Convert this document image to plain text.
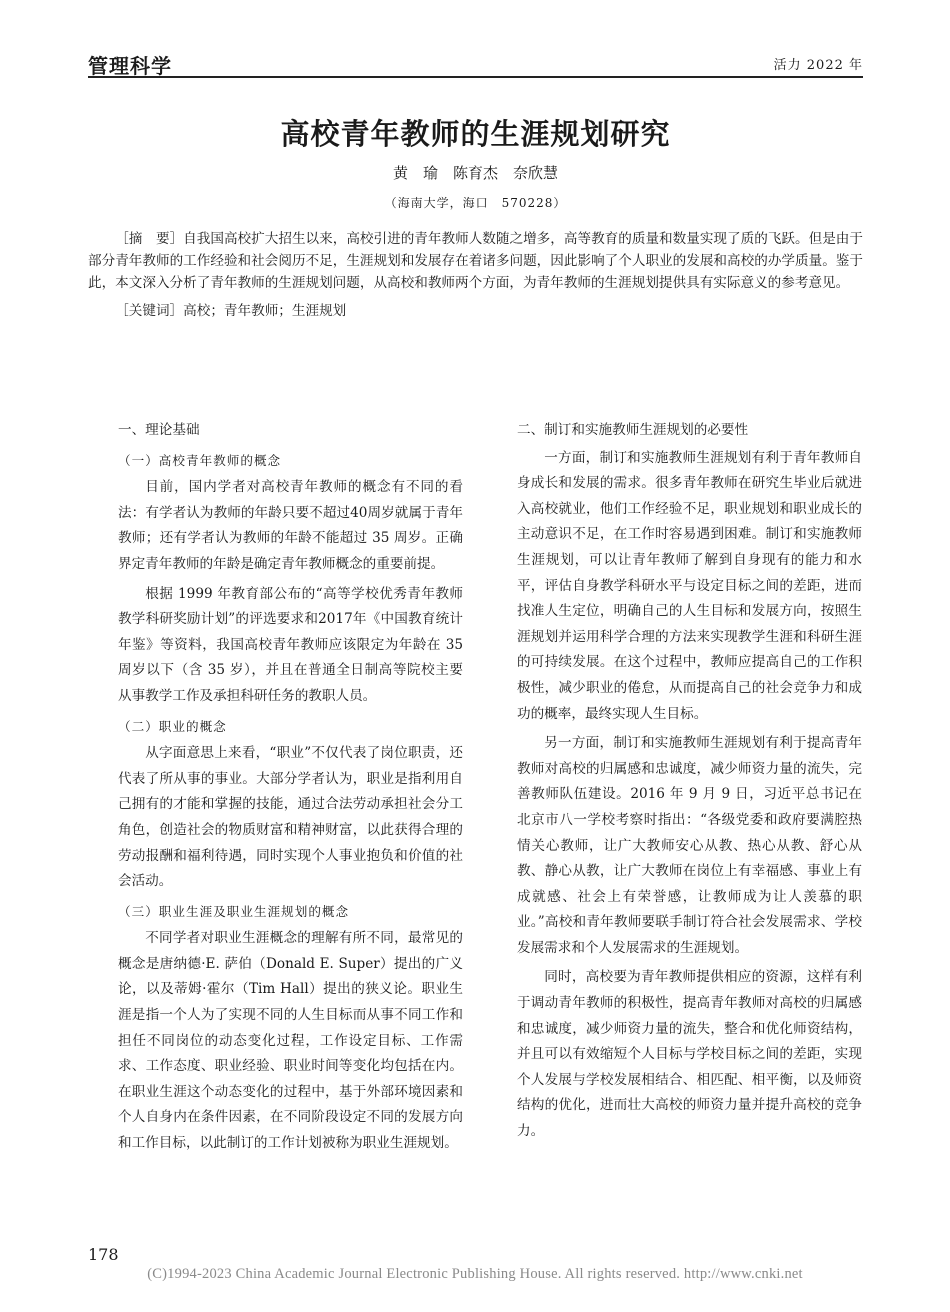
管理科学	活力 2022 年
高校青年教师的生涯规划研究
黄　瑜　陈育杰　奈欣慧
（海南大学，海口　570228）

［摘　要］自我国高校扩大招生以来，高校引进的青年教师人数随之增多，高等教育的质量和数量实现了质的飞跃。但是由于部分青年教师的工作经验和社会阅历不足，生涯规划和发展存在着诸多问题，因此影响了个人职业的发展和高校的办学质量。鉴于此，本文深入分析了青年教师的生涯规划问题，从高校和教师两个方面，为青年教师的生涯规划提供具有实际意义的参考意见。

［关键词］高校；青年教师；生涯规划

一、理论基础
（一）高校青年教师的概念

目前，国内学者对高校青年教师的概念有不同的看法：有学者认为教师的年龄只要不超过40周岁就属于青年教师；还有学者认为教师的年龄不能超过 35 周岁。正确界定青年教师的年龄是确定青年教师概念的重要前提。

根据 1999 年教育部公布的“高等学校优秀青年教师教学科研奖励计划”的评选要求和2017年《中国教育统计年鉴》等资料，我国高校青年教师应该限定为年龄在 35 周岁以下（含 35 岁），并且在普通全日制高等院校主要从事教学工作及承担科研任务的教职人员。

（二）职业的概念

从字面意思上来看，“职业”不仅代表了岗位职责，还代表了所从事的事业。大部分学者认为，职业是指利用自己拥有的才能和掌握的技能，通过合法劳动承担社会分工角色，创造社会的物质财富和精神财富，以此获得合理的劳动报酬和福利待遇，同时实现个人事业抱负和价值的社会活动。

（三）职业生涯及职业生涯规划的概念

不同学者对职业生涯概念的理解有所不同，最常见的概念是唐纳德·E. 萨伯（Donald E. Super）提出的广义论，以及蒂姆·霍尔（Tim Hall）提出的狭义论。职业生涯是指一个人为了实现不同的人生目标而从事不同工作和担任不同岗位的动态变化过程，工作设定目标、工作需求、工作态度、职业经验、职业时间等变化均包括在内。在职业生涯这个动态变化的过程中，基于外部环境因素和个人自身内在条件因素，在不同阶段设定不同的发展方向和工作目标，以此制订的工作计划被称为职业生涯规划。

二、制订和实施教师生涯规划的必要性

一方面，制订和实施教师生涯规划有利于青年教师自身成长和发展的需求。很多青年教师在研究生毕业后就进入高校就业，他们工作经验不足，职业规划和职业成长的主动意识不足，在工作时容易遇到困难。制订和实施教师生涯规划，可以让青年教师了解到自身现有的能力和水平，评估自身教学科研水平与设定目标之间的差距，进而找准人生定位，明确自己的人生目标和发展方向，按照生涯规划并运用科学合理的方法来实现教学生涯和科研生涯的可持续发展。在这个过程中，教师应提高自己的工作积极性，减少职业的倦怠，从而提高自己的社会竞争力和成功的概率，最终实现人生目标。

另一方面，制订和实施教师生涯规划有利于提高青年教师对高校的归属感和忠诚度，减少师资力量的流失，完善教师队伍建设。2016 年 9 月 9 日，习近平总书记在北京市八一学校考察时指出：“各级党委和政府要满腔热情关心教师，让广大教师安心从教、热心从教、舒心从教、静心从教，让广大教师在岗位上有幸福感、事业上有成就感、社会上有荣誉感，让教师成为让人羡慕的职业。”高校和青年教师要联手制订符合社会发展需求、学校发展需求和个人发展需求的生涯规划。

同时，高校要为青年教师提供相应的资源，这样有利于调动青年教师的积极性，提高青年教师对高校的归属感和忠诚度，减少师资力量的流失，整合和优化师资结构，并且可以有效缩短个人目标与学校目标之间的差距，实现个人发展与学校发展相结合、相匹配、相平衡，以及师资结构的优化，进而壮大高校的师资力量并提升高校的竞争力。

178
(C)1994-2023 China Academic Journal Electronic Publishing House. All rights reserved. http://www.cnki.net
